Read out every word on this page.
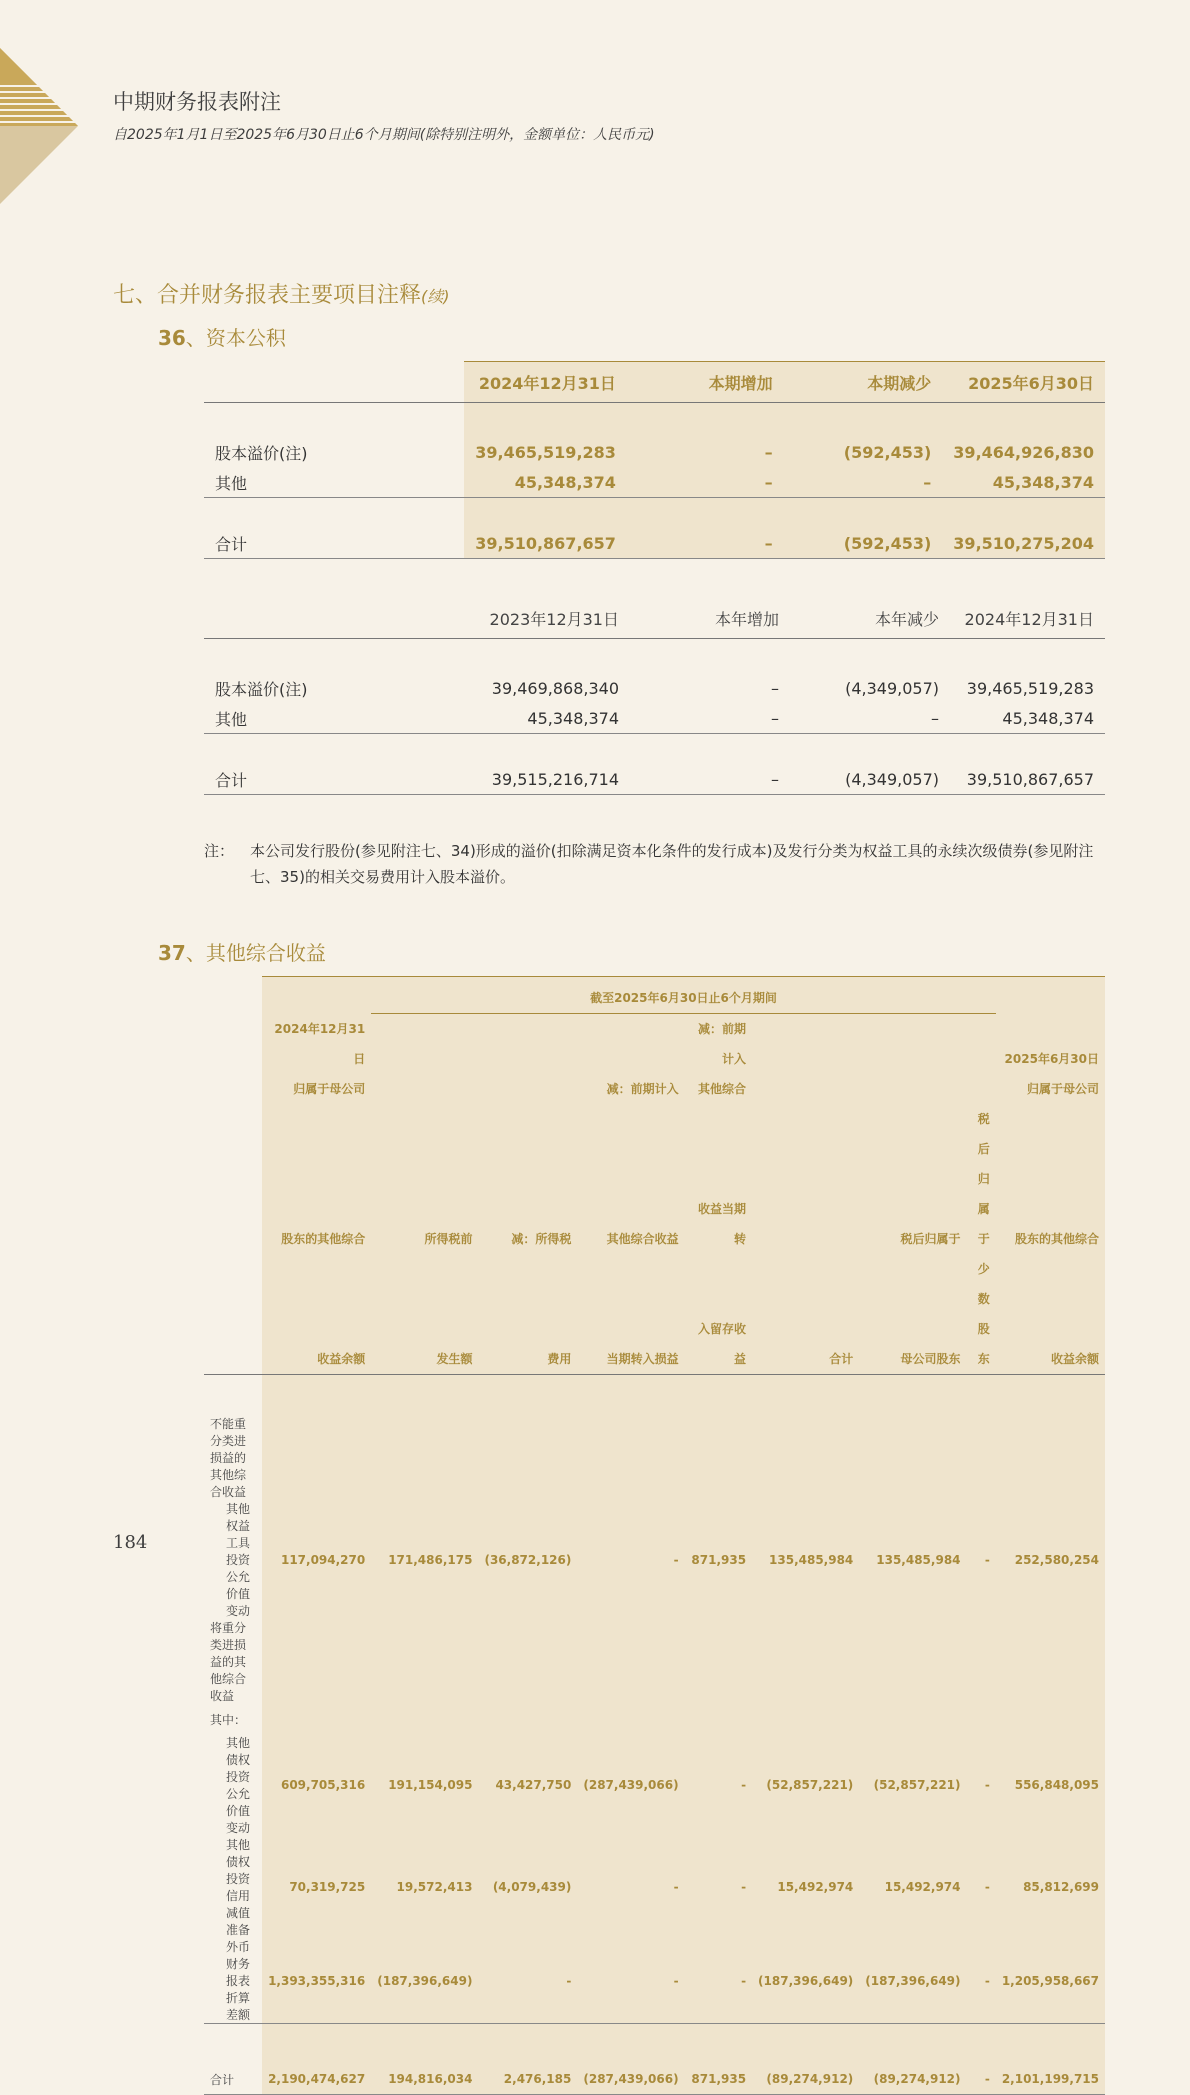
中期财务报表附注
自2025年1月1日至2025年6月30日止6个月期间(除特别注明外，金额单位：人民币元)
七、合并财务报表主要项目注释(续)
36、资本公积
	2024年12月31日	本期增加	本期减少	2025年6月30日

股本溢价(注)	39,465,519,283	–	(592,453)	39,464,926,830
其他	45,348,374	–	–	45,348,374

合计	39,510,867,657	–	(592,453)	39,510,275,204
	2023年12月31日	本年增加	本年减少	2024年12月31日

股本溢价(注)	39,469,868,340	–	(4,349,057)	39,465,519,283
其他	45,348,374	–	–	45,348,374

合计	39,515,216,714	–	(4,349,057)	39,510,867,657
注： 本公司发行股份(参见附注七、34)形成的溢价(扣除满足资本化条件的发行成本)及发行分类为权益工具的永续次级债券(参见附注七、35)的相关交易费用计入股本溢价。
37、其他综合收益
		截至2025年6月30日止6个月期间							
	2024年12月31日				减：前期计入				2025年6月30日
	归属于母公司			减：前期计入	其他综合				归属于母公司
	股东的其他综合	所得税前	减：所得税	其他综合收益	收益当期转		税后归属于	税后归属于	股东的其他综合
	收益余额	发生额	费用	当期转入损益	入留存收益	合计	母公司股东	少数股东	收益余额

不能重分类进损益的其他综合收益									
其他权益工具投资公允价值变动	117,094,270	171,486,175	(36,872,126)	-	871,935	135,485,984	135,485,984	-	252,580,254
将重分类进损益的其他综合收益									
其中：									
其他债权投资公允价值变动	609,705,316	191,154,095	43,427,750	(287,439,066)	-	(52,857,221)	(52,857,221)	-	556,848,095
其他债权投资信用减值准备	70,319,725	19,572,413	(4,079,439)	-	-	15,492,974	15,492,974	-	85,812,699
外币财务报表折算差额	1,393,355,316	(187,396,649)	-	-	-	(187,396,649)	(187,396,649)	-	1,205,958,667

合计	2,190,474,627	194,816,034	2,476,185	(287,439,066)	871,935	(89,274,912)	(89,274,912)	-	2,101,199,715
184
